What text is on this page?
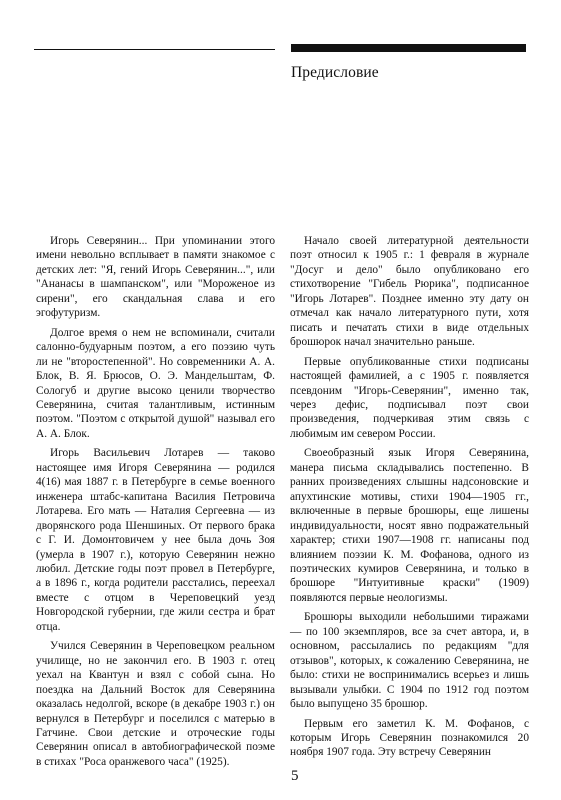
Предисловие

Игорь Северянин... При упоминании этого имени невольно всплывает в памяти знакомое с детских лет: "Я, гений Игорь Северянин...", или "Ананасы в шампанском", или "Мороженое из сирени", его скандальная слава и его эгофутуризм.

Долгое время о нем не вспоминали, считали салонно-будуарным поэтом, а его поэзию чуть ли не "второстепенной". Но современники А. А. Блок, В. Я. Брюсов, О. Э. Мандельштам, Ф. Сологуб и другие высоко ценили творчество Северянина, считая талантливым, истинным поэтом. "Поэтом с открытой душой" называл его А. А. Блок.

Игорь Васильевич Лотарев — таково настоящее имя Игоря Северянина — родился 4(16) мая 1887 г. в Петербурге в семье военного инженера штабс-капитана Василия Петровича Лотарева. Его мать — Наталия Сергеевна — из дворянского рода Шеншиных. От первого брака с Г. И. Домонтовичем у нее была дочь Зоя (умерла в 1907 г.), которую Северянин нежно любил. Детские годы поэт провел в Петербурге, а в 1896 г., когда родители расстались, переехал вместе с отцом в Череповецкий уезд Новгородской губернии, где жили сестра и брат отца.

Учился Северянин в Череповецком реальном училище, но не закончил его. В 1903 г. отец уехал на Квантун и взял с собой сына. Но поездка на Дальний Восток для Северянина оказалась недолгой, вскоре (в декабре 1903 г.) он вернулся в Петербург и поселился с матерью в Гатчине. Свои детские и отроческие годы Северянин описал в автобиографической поэме в стихах "Роса оранжевого часа" (1925).

Начало своей литературной деятельности поэт относил к 1905 г.: 1 февраля в журнале "Досуг и дело" было опубликовано его стихотворение "Гибель Рюрика", подписанное "Игорь Лотарев". Позднее именно эту дату он отмечал как начало литературного пути, хотя писать и печатать стихи в виде отдельных брошюрок начал значительно раньше.

Первые опубликованные стихи подписаны настоящей фамилией, а с 1905 г. появляется псевдоним "Игорь-Северянин", именно так, через дефис, подписывал поэт свои произведения, подчеркивая этим связь с любимым им севером России.

Своеобразный язык Игоря Северянина, манера письма складывались постепенно. В ранних произведениях слышны надсоновские и апухтинские мотивы, стихи 1904—1905 гг., включенные в первые брошюры, еще лишены индивидуальности, носят явно подражательный характер; стихи 1907—1908 гг. написаны под влиянием поэзии К. М. Фофанова, одного из поэтических кумиров Северянина, и только в брошюре "Интуитивные краски" (1909) появляются первые неологизмы.

Брошюры выходили небольшими тиражами — по 100 экземпляров, все за счет автора, и, в основном, рассылались по редакциям "для отзывов", которых, к сожалению Северянина, не было: стихи не воспринимались всерьез и лишь вызывали улыбки. С 1904 по 1912 год поэтом было выпущено 35 брошюр.

Первым его заметил К. М. Фофанов, с которым Игорь Северянин познакомился 20 ноября 1907 года. Эту встречу Северянин

5
